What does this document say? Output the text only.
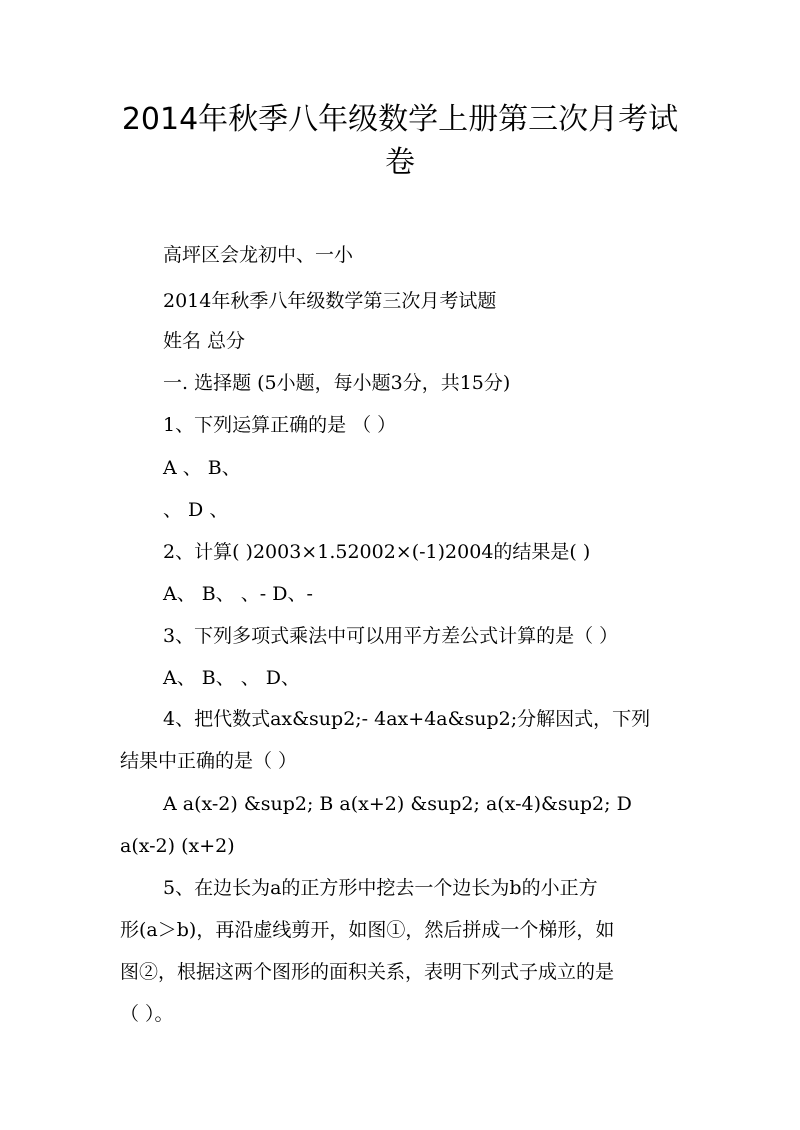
2014年秋季八年级数学上册第三次月考试
卷
高坪区会龙初中、一小
2014年秋季八年级数学第三次月考试题
姓名 总分
一. 选择题 (5小题，每小题3分，共15分)
1、下列运算正确的是 （ ）
A 、 B、
、 D 、
2、计算( )2003×1.52002×(-1)2004的结果是( )
A、 B、 、- D、-
3、下列多项式乘法中可以用平方差公式计算的是（ ）
A、 B、 、 D、
4、把代数式ax&sup2;- 4ax+4a&sup2;分解因式，下列
结果中正确的是（ ）
A a(x-2) &sup2; B a(x+2) &sup2; a(x-4)&sup2; D
a(x-2) (x+2)
5、在边长为a的正方形中挖去一个边长为b的小正方
形(a＞b)，再沿虚线剪开，如图①，然后拼成一个梯形，如
图②，根据这两个图形的面积关系，表明下列式子成立的是
（ ）。
